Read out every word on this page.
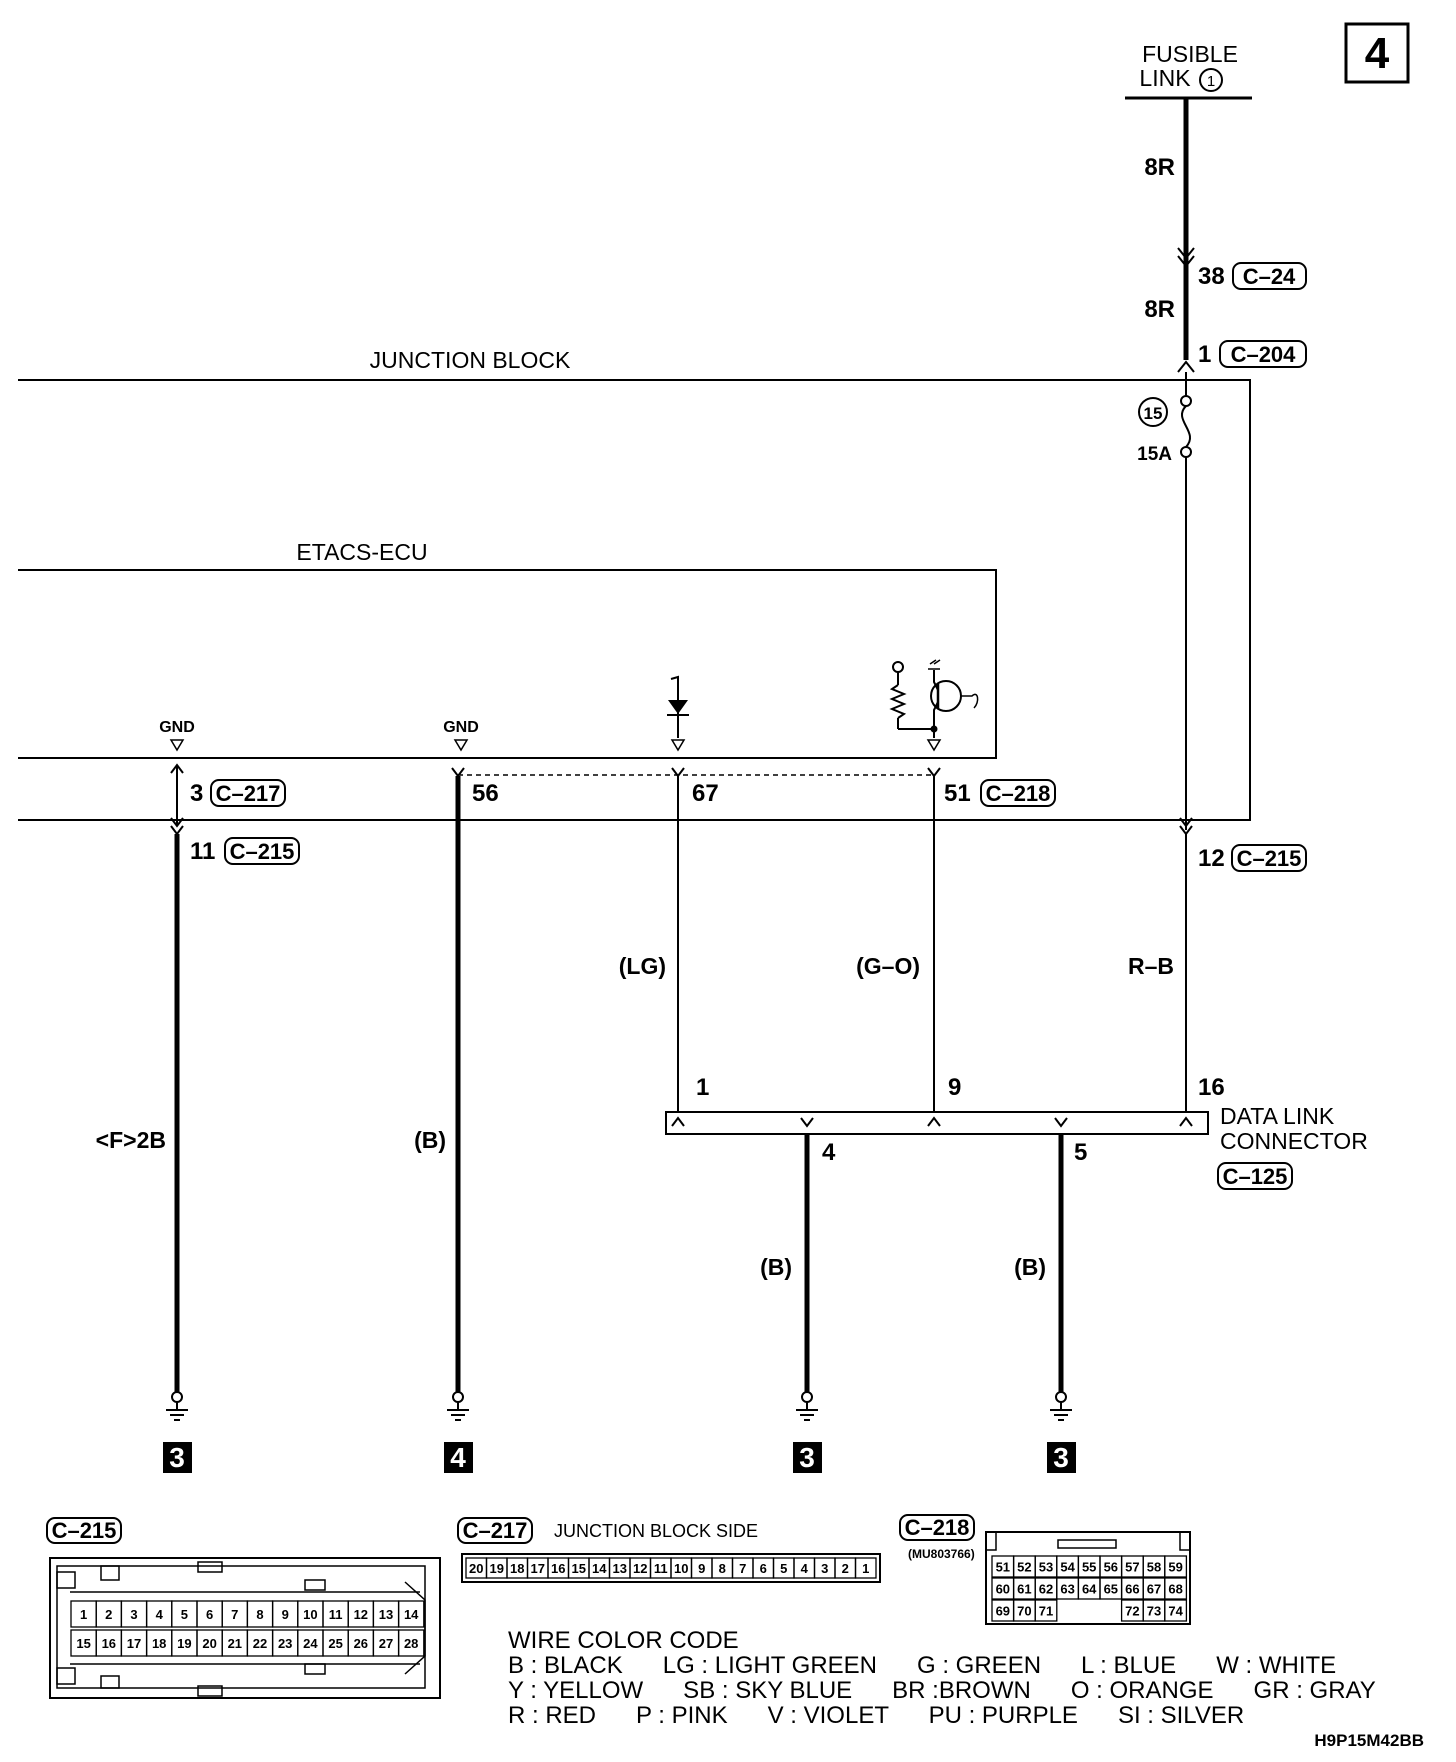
4
FUSIBLE
LINK 1
8R
38 C–24
8R
1 C–204
JUNCTION BLOCK
15
15A
ETACS-ECU
GND	GND
3 C–217
11 C–215
56	67	51 C–218
12 C–215
(LG)	(G–O)	R–B
<F>2B	(B)
(B)	(B)
1	9	16
4	5
DATA LINK
CONNECTOR
C–125
3	4	3	3
C–215
1 2 3 4 5 6 7 8 9 10 11 12 13 14
15 16 17 18 19 20 21 22 23 24 25 26 27 28
C–217 JUNCTION BLOCK SIDE
20 19 18 17 16 15 14 13 12 11 10 9 8 7 6 5 4 3 2 1
C–218
(MU803766)
51 52 53 54 55 56 57 58 59
60 61 62 63 64 65 66 67 68
69 70 71	72 73 74
WIRE COLOR CODE
B : BLACK      LG : LIGHT GREEN      G : GREEN      L : BLUE      W : WHITE
Y : YELLOW      SB : SKY BLUE      BR :BROWN      O : ORANGE      GR : GRAY
R : RED      P : PINK      V : VIOLET      PU : PURPLE      SI : SILVER
H9P15M42BB
